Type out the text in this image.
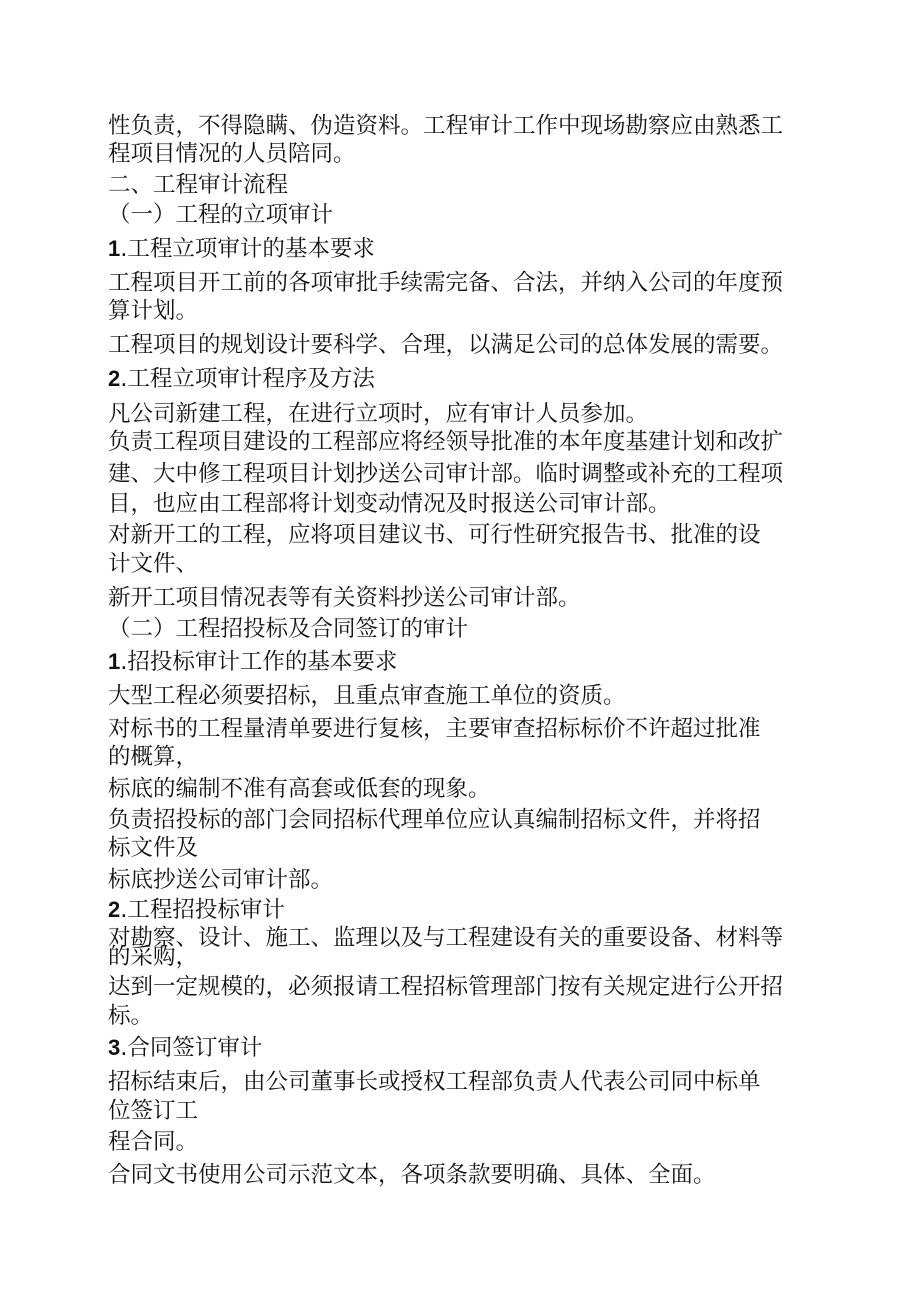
性负责，不得隐瞒、伪造资料。工程审计工作中现场勘察应由熟悉工
程项目情况的人员陪同。
二、工程审计流程
（一）工程的立项审计
1.工程立项审计的基本要求
工程项目开工前的各项审批手续需完备、合法，并纳入公司的年度预
算计划。
工程项目的规划设计要科学、合理，以满足公司的总体发展的需要。
2.工程立项审计程序及方法
凡公司新建工程，在进行立项时，应有审计人员参加。
负责工程项目建设的工程部应将经领导批准的本年度基建计划和改扩
建、大中修工程项目计划抄送公司审计部。临时调整或补充的工程项
目，也应由工程部将计划变动情况及时报送公司审计部。
对新开工的工程，应将项目建议书、可行性研究报告书、批准的设
计文件、
新开工项目情况表等有关资料抄送公司审计部。
（二）工程招投标及合同签订的审计
1.招投标审计工作的基本要求
大型工程必须要招标，且重点审查施工单位的资质。
对标书的工程量清单要进行复核，主要审查招标标价不许超过批准
的概算，
标底的编制不准有高套或低套的现象。
负责招投标的部门会同招标代理单位应认真编制招标文件，并将招
标文件及
标底抄送公司审计部。
2.工程招投标审计
对勘察、设计、施工、监理以及与工程建设有关的重要设备、材料等
的采购，
达到一定规模的，必须报请工程招标管理部门按有关规定进行公开招
标。
3.合同签订审计
招标结束后，由公司董事长或授权工程部负责人代表公司同中标单
位签订工
程合同。
合同文书使用公司示范文本，各项条款要明确、具体、全面。
